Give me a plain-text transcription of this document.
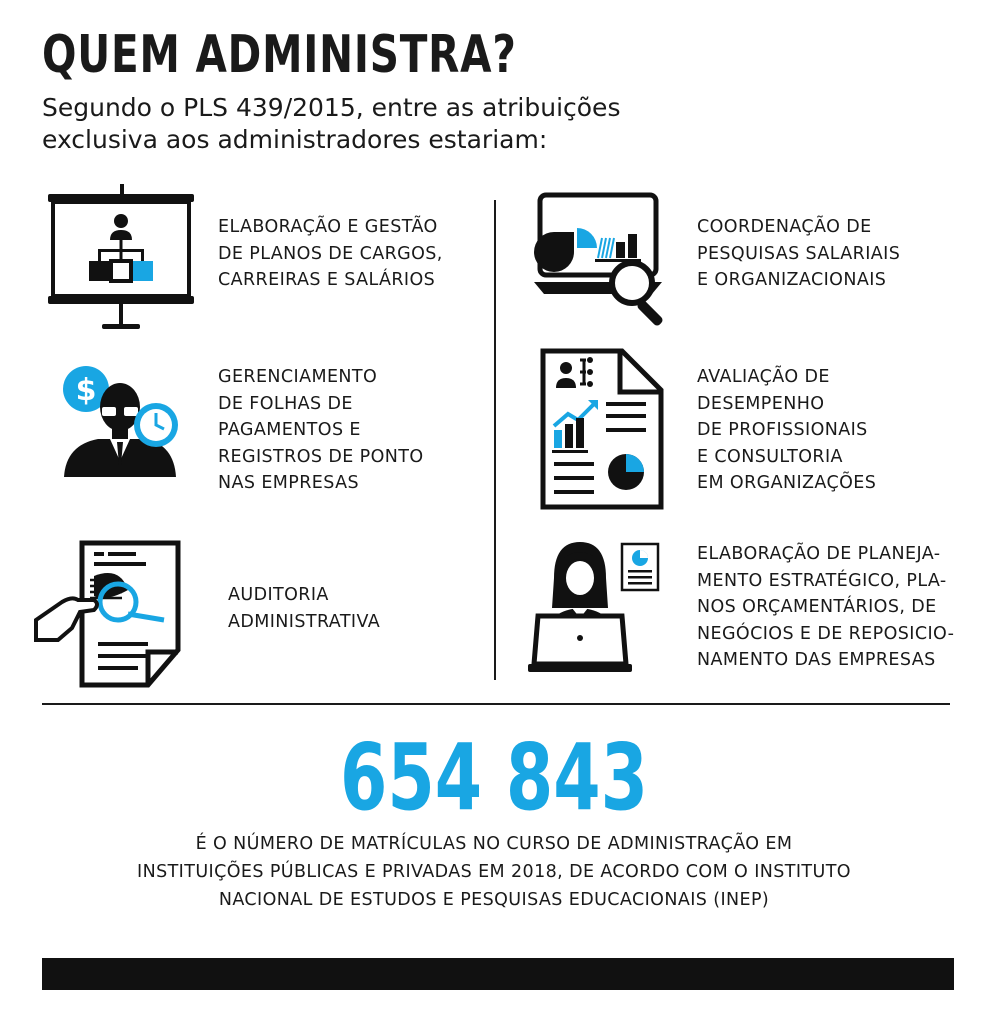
QUEM ADMINISTRA?
Segundo o PLS 439/2015, entre as atribuições
exclusiva aos administradores estariam:
ELABORAÇÃO E GESTÃO
DE PLANOS DE CARGOS,
CARREIRAS E SALÁRIOS
COORDENAÇÃO DE
PESQUISAS SALARIAIS
E ORGANIZACIONAIS
$	GERENCIAMENTO
DE FOLHAS DE
PAGAMENTOS E
REGISTROS DE PONTO
NAS EMPRESAS
AVALIAÇÃO DE
DESEMPENHO
DE PROFISSIONAIS
E CONSULTORIA
EM ORGANIZAÇÕES
AUDITORIA
ADMINISTRATIVA
ELABORAÇÃO DE PLANEJA-
MENTO ESTRATÉGICO, PLA-
NOS ORÇAMENTÁRIOS, DE
NEGÓCIOS E DE REPOSICIO-
NAMENTO DAS EMPRESAS
654 843
É O NÚMERO DE MATRÍCULAS NO CURSO DE ADMINISTRAÇÃO EM
INSTITUIÇÕES PÚBLICAS E PRIVADAS EM 2018, DE ACORDO COM O INSTITUTO
NACIONAL DE ESTUDOS E PESQUISAS EDUCACIONAIS (INEP)
